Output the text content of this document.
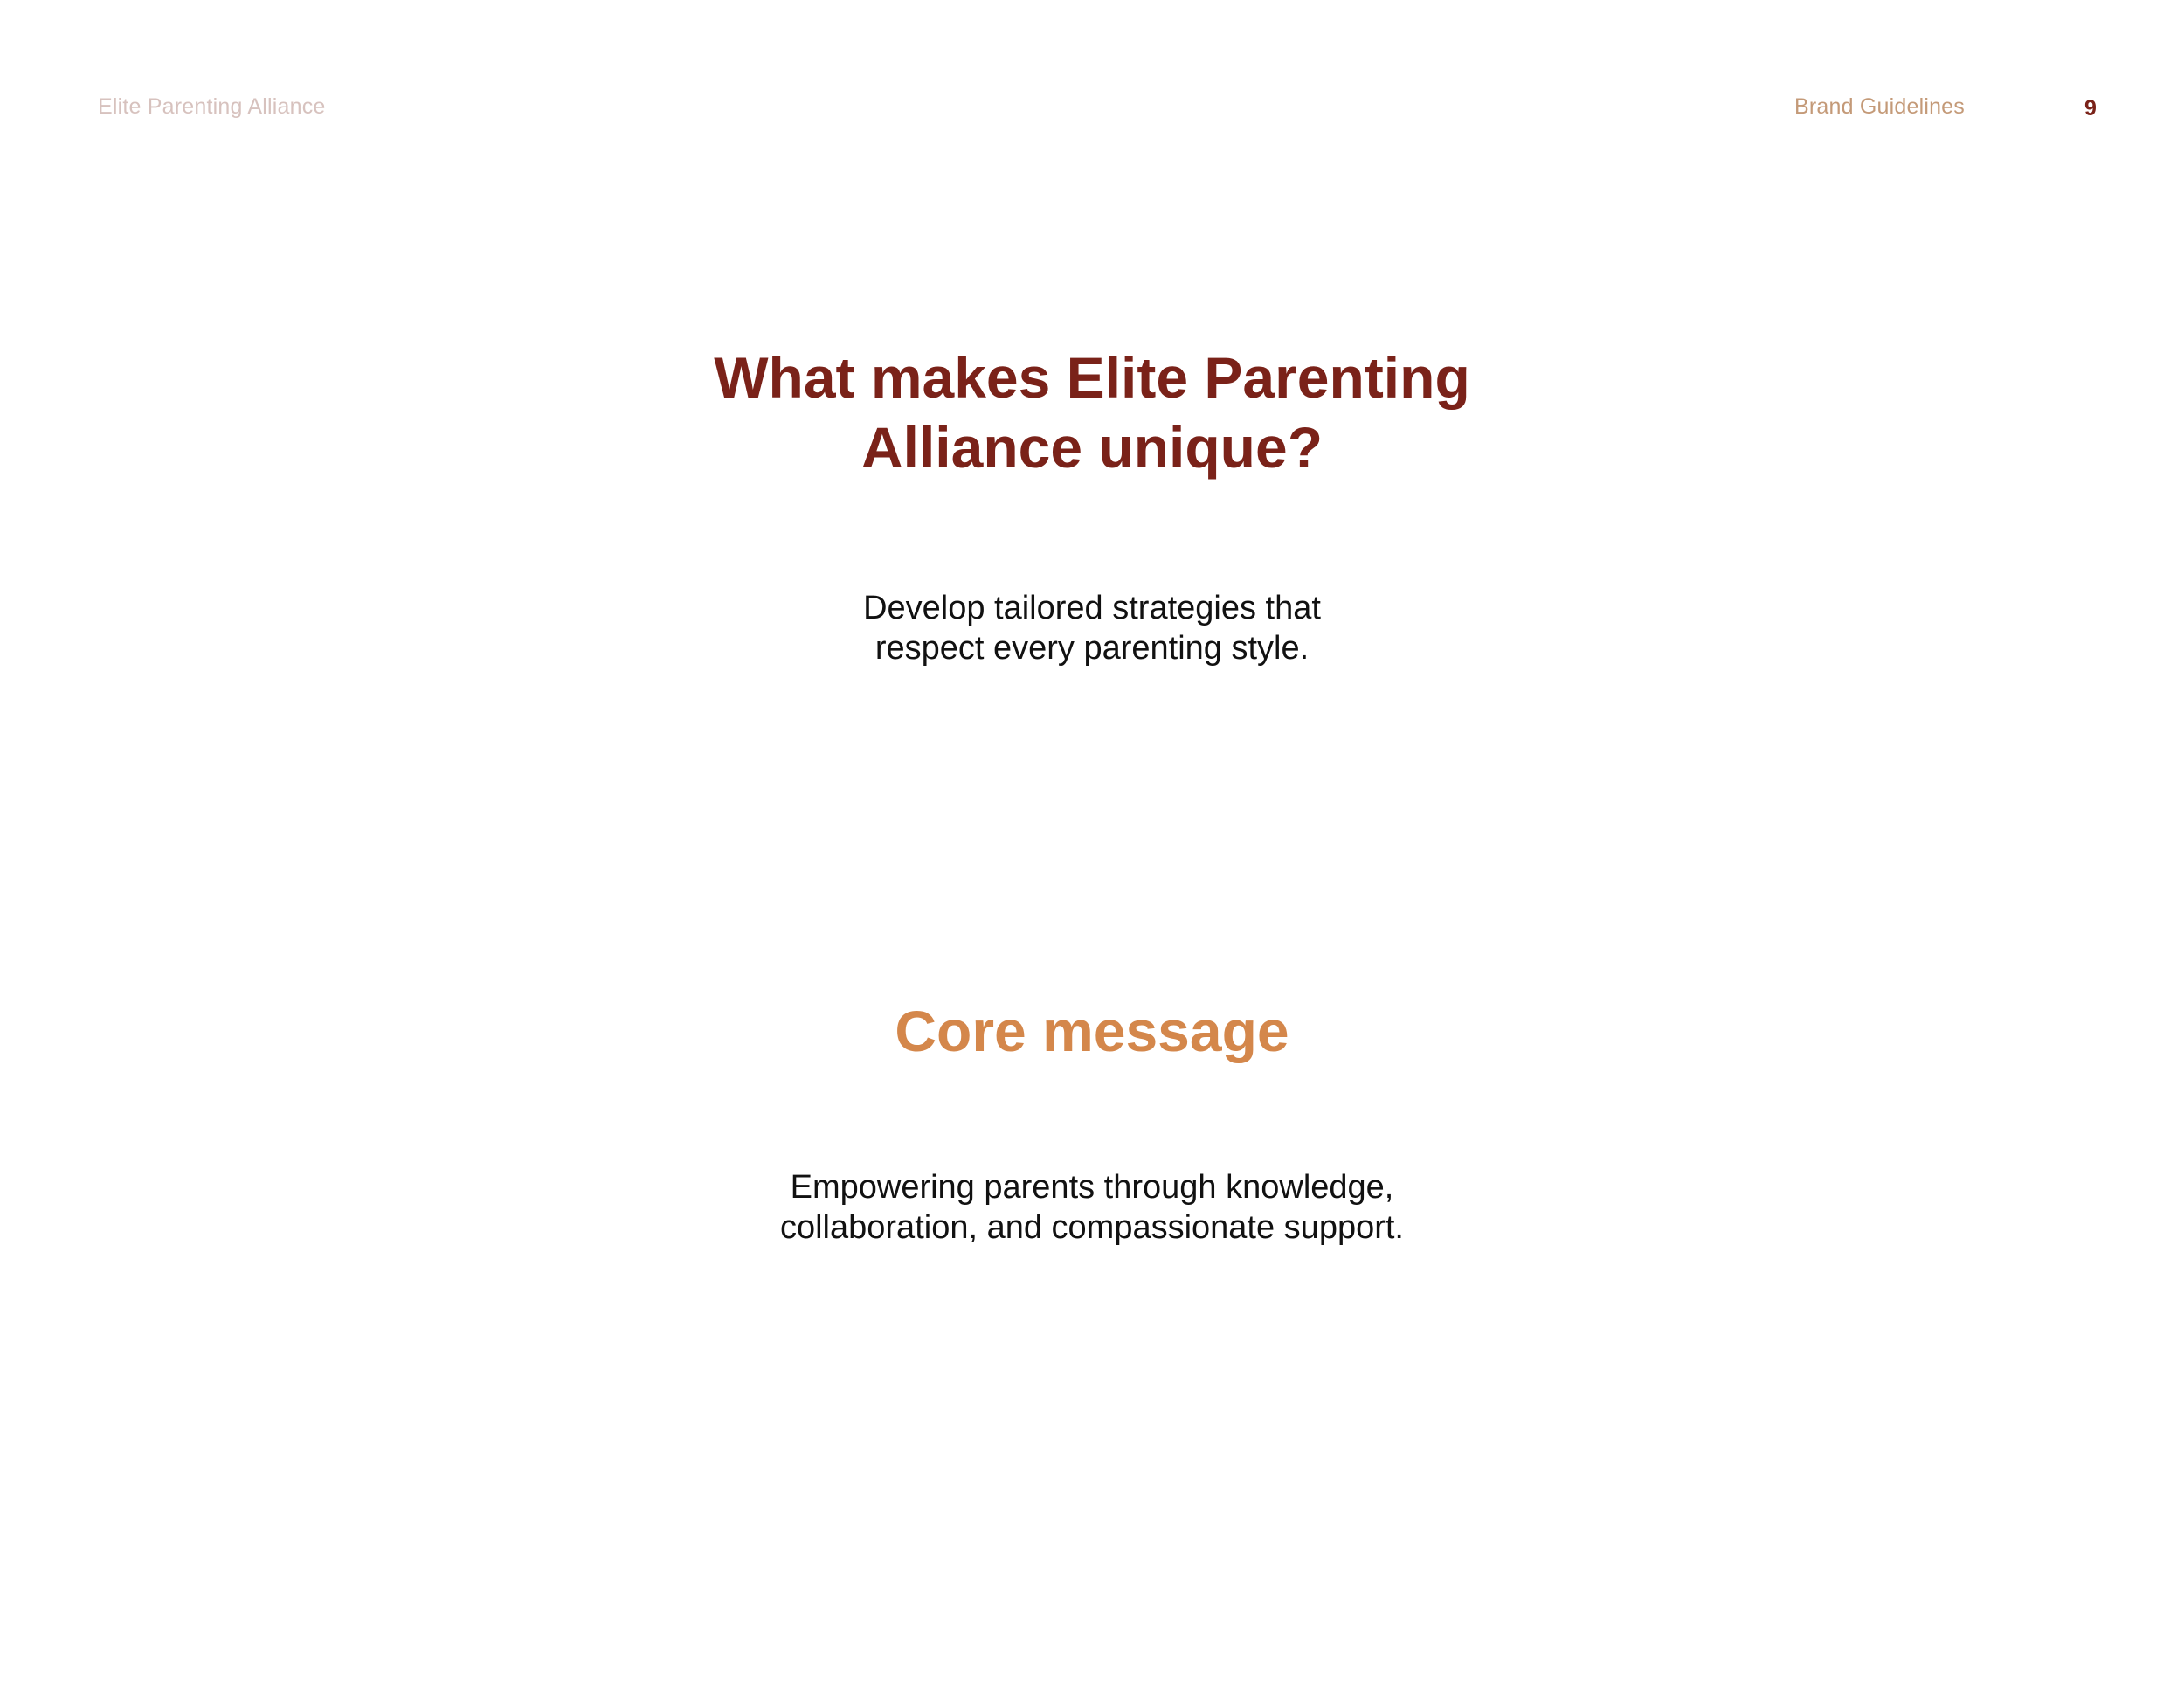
Elite Parenting Alliance	Brand Guidelines	9
What makes Elite Parenting
Alliance unique?
Develop tailored strategies that
respect every parenting style.
Core message
Empowering parents through knowledge,
collaboration, and compassionate support.
